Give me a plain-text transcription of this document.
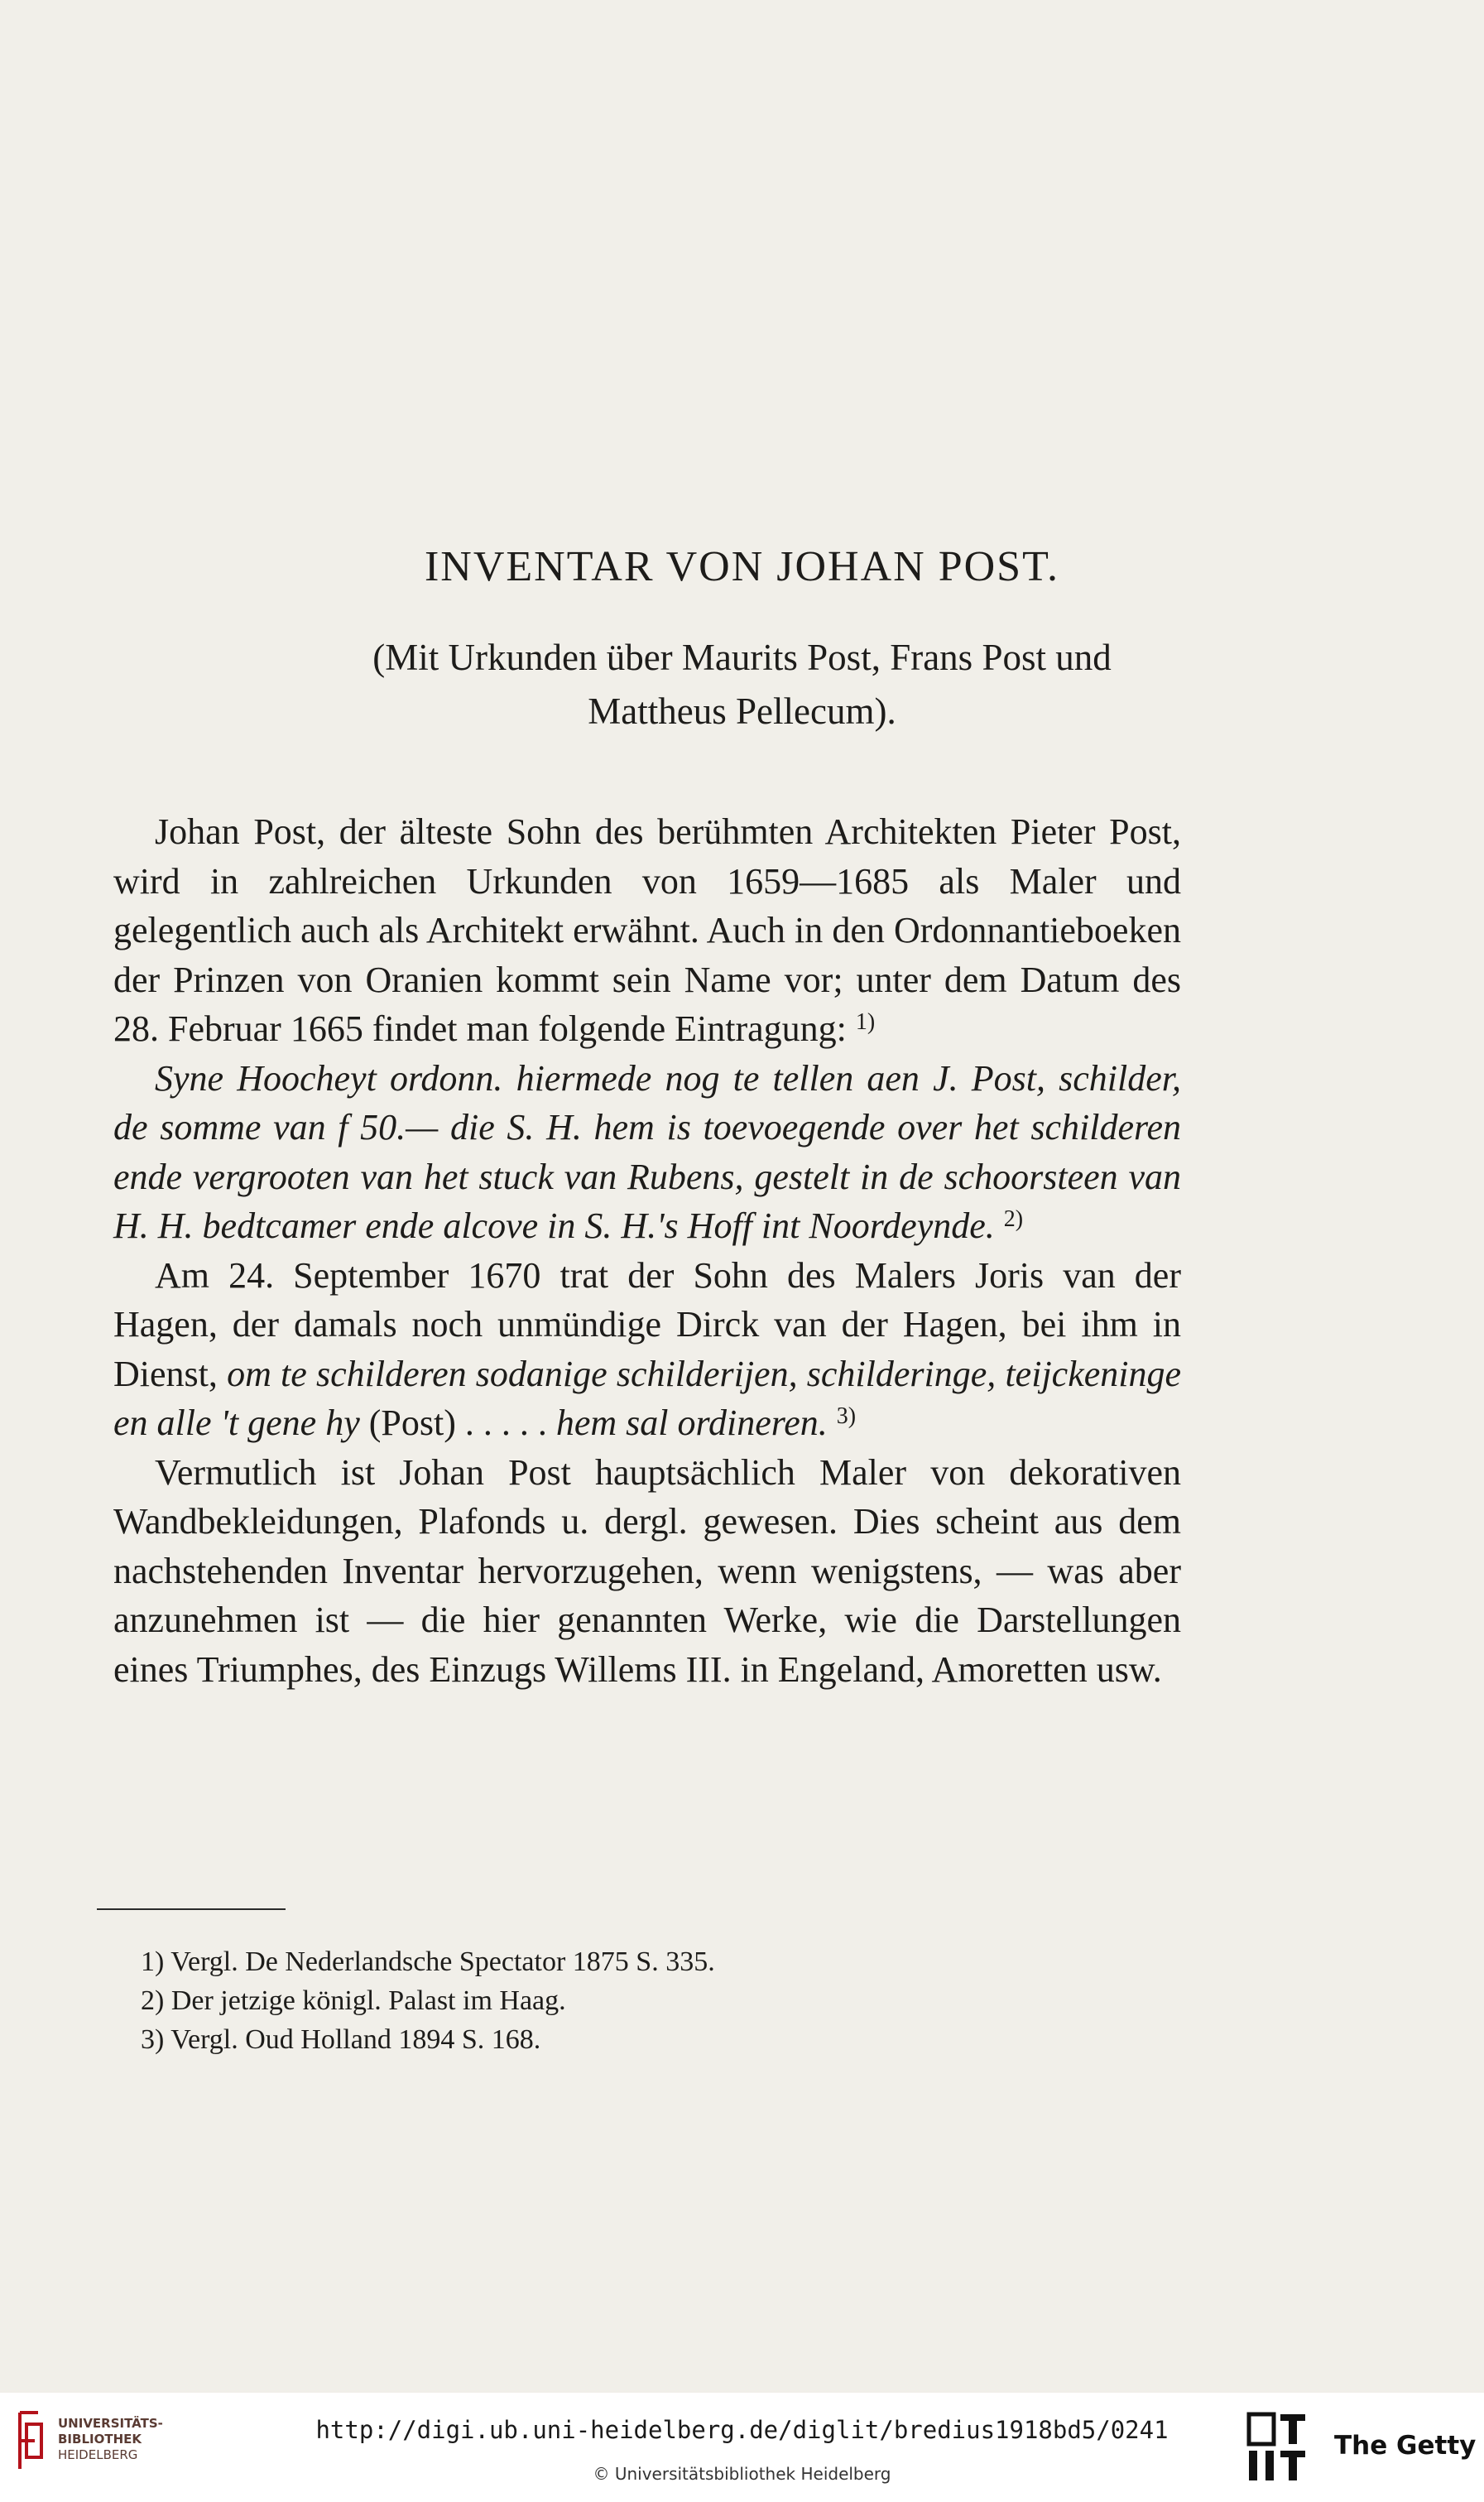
INVENTAR VON JOHAN POST.
(Mit Urkunden über Maurits Post, Frans Post und
Mattheus Pellecum).

Johan Post, der älteste Sohn des berühmten Architekten Pieter Post, wird in zahlreichen Urkunden von 1659—1685 als Maler und gelegentlich auch als Architekt erwähnt. Auch in den Ordonnantieboeken der Prinzen von Oranien kommt sein Name vor; unter dem Datum des 28. Februar 1665 findet man folgende Eintragung: $^{1)}$

Syne Hoocheyt ordonn. hiermede nog te tellen aen J. Post, schilder, de somme van f 50.— die S. H. hem is toevoegende over het schilderen ende vergrooten van het stuck van Rubens, gestelt in de schoorsteen van H. H. bedtcamer ende alcove in S. H.'s Hoff int Noordeynde. $^{2)}$

Am 24. September 1670 trat der Sohn des Malers Joris van der Hagen, der damals noch unmündige Dirck van der Hagen, bei ihm in Dienst, om te schilderen sodanige schilderijen, schilderinge, teijckeninge en alle 't gene hy (Post) . . . . . hem sal ordineren. $^{3)}$

Vermutlich ist Johan Post hauptsächlich Maler von dekorativen Wandbekleidungen, Plafonds u. dergl. gewesen. Dies scheint aus dem nachstehenden Inventar hervorzugehen, wenn wenigstens, — was aber anzunehmen ist — die hier genannten Werke, wie die Darstellungen eines Triumphes, des Einzugs Willems III. in Engeland, Amoretten usw.

1) Vergl. De Nederlandsche Spectator 1875 S. 335.
2) Der jetzige königl. Palast im Haag.
3) Vergl. Oud Holland 1894 S. 168.
UNIVERSITÄTS-
BIBLIOTHEK
HEIDELBERG
http://digi.ub.uni-heidelberg.de/diglit/bredius1918bd5/0241
© Universitätsbibliothek Heidelberg
The Getty
